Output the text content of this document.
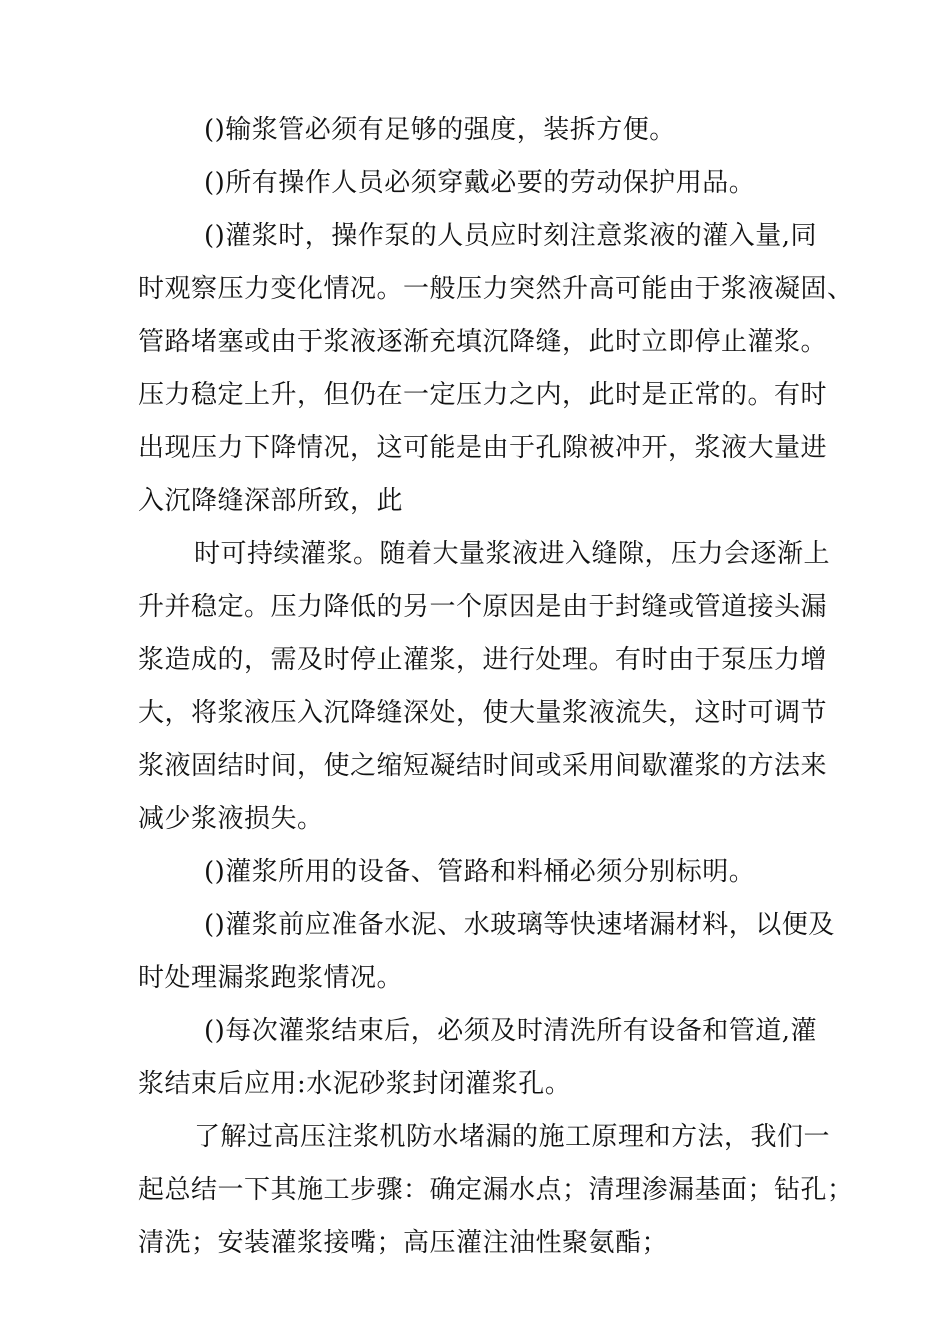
()输浆管必须有足够的强度，装拆方便。
()所有操作人员必须穿戴必要的劳动保护用品。
()灌浆时，操作泵的人员应时刻注意浆液的灌入量,同
时观察压力变化情况。一般压力突然升高可能由于浆液凝固、
管路堵塞或由于浆液逐渐充填沉降缝，此时立即停止灌浆。
压力稳定上升，但仍在一定压力之内，此时是正常的。有时
出现压力下降情况，这可能是由于孔隙被冲开，浆液大量进
入沉降缝深部所致，此
时可持续灌浆。随着大量浆液进入缝隙，压力会逐渐上
升并稳定。压力降低的另一个原因是由于封缝或管道接头漏
浆造成的，需及时停止灌浆，进行处理。有时由于泵压力增
大，将浆液压入沉降缝深处，使大量浆液流失，这时可调节
浆液固结时间，使之缩短凝结时间或采用间歇灌浆的方法来
减少浆液损失。
()灌浆所用的设备、管路和料桶必须分别标明。
()灌浆前应准备水泥、水玻璃等快速堵漏材料，以便及
时处理漏浆跑浆情况。
()每次灌浆结束后，必须及时清洗所有设备和管道,灌
浆结束后应用:水泥砂浆封闭灌浆孔。
了解过高压注浆机防水堵漏的施工原理和方法，我们一
起总结一下其施工步骤：确定漏水点；清理渗漏基面；钻孔；
清洗；安装灌浆接嘴；高压灌注油性聚氨酯；
